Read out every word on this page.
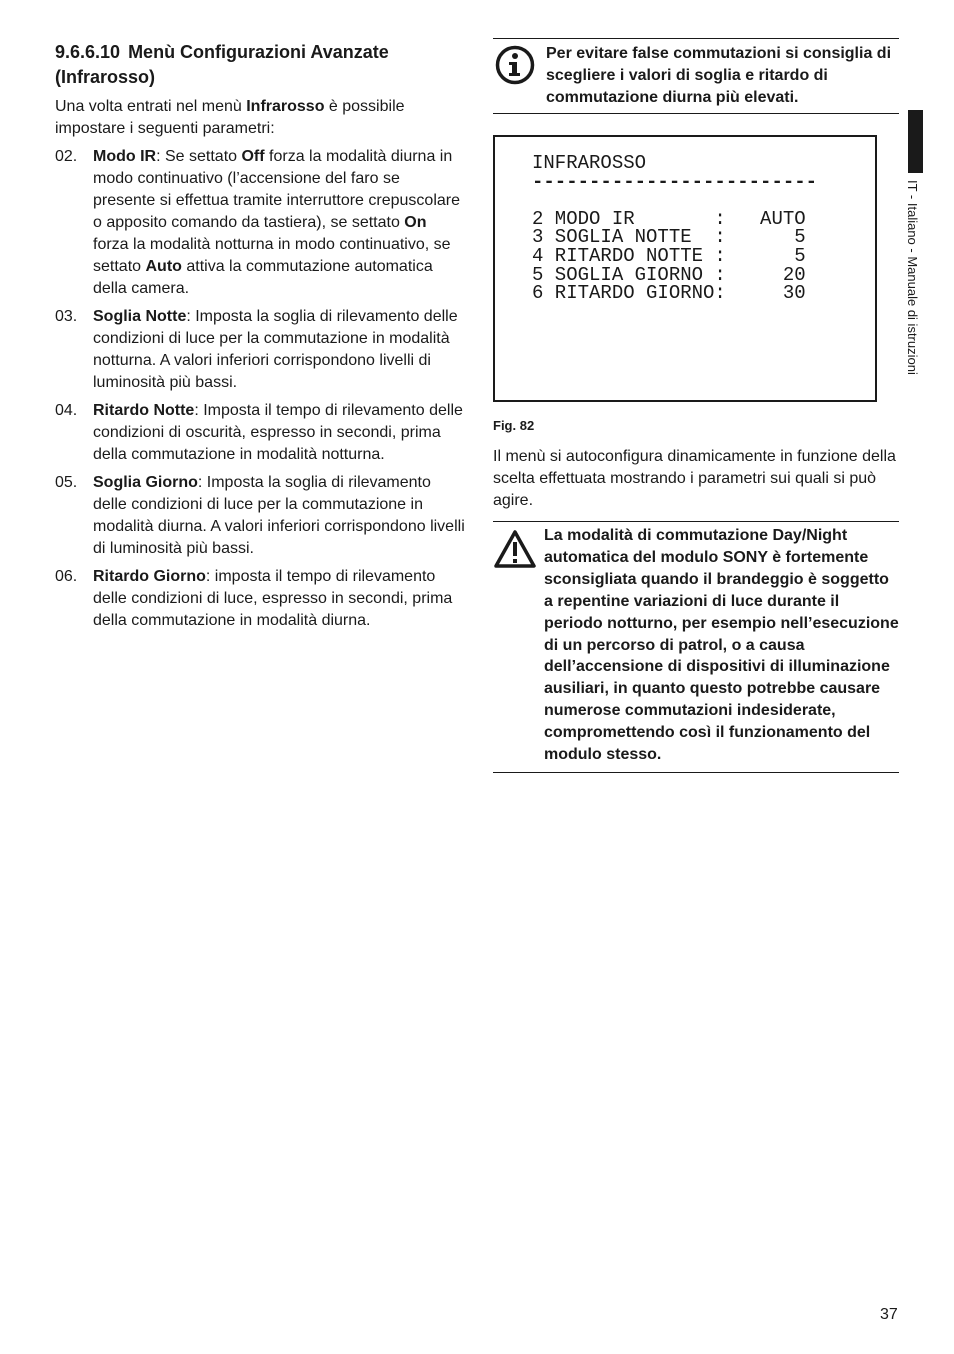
9.6.6.10 Menù Configurazioni Avanzate
(Infrarosso)

Una volta entrati nel menù Infrarosso è possibile impostare i seguenti parametri:

02. Modo IR: Se settato Off forza la modalità diurna in modo continuativo (l’accensione del faro se presente si effettua tramite interruttore crepuscolare o apposito comando da tastiera), se settato On forza la modalità notturna in modo continuativo, se settato Auto attiva la commutazione automatica della camera.
03. Soglia Notte: Imposta la soglia di rilevamento delle condizioni di luce per la commutazione in modalità notturna. A valori inferiori corrispondono livelli di luminosità più bassi.
04. Ritardo Notte: Imposta il tempo di rilevamento delle condizioni di oscurità, espresso in secondi, prima della commutazione in modalità notturna.
05. Soglia Giorno: Imposta la soglia di rilevamento delle condizioni di luce per la commutazione in modalità diurna. A valori inferiori corrispondono livelli di luminosità più bassi.
06. Ritardo Giorno: imposta il tempo di rilevamento delle condizioni di luce, espresso in secondi, prima della commutazione in modalità diurna.
Per evitare false commutazioni si consiglia di scegliere i valori di soglia e ritardo di commutazione diurna più elevati.
INFRAROSSO
-------------------------
2 MODO IR       :   AUTO
3 SOGLIA NOTTE  :      5
4 RITARDO NOTTE :      5
5 SOGLIA GIORNO :     20
6 RITARDO GIORNO:     30
Fig. 82

Il menù si autoconfigura dinamicamente in funzione della scelta effettuata mostrando i parametri sui quali si può agire.

La modalità di commutazione Day/Night automatica del modulo SONY è fortemente sconsigliata quando il brandeggio è soggetto a repentine variazioni di luce durante il periodo notturno, per esempio nell’esecuzione di un percorso di patrol, o a causa dell’accensione di dispositivi di illuminazione ausiliari, in quanto questo potrebbe causare numerose commutazioni indesiderate, compromettendo così il funzionamento del modulo stesso.
IT - Italiano - Manuale di istruzioni
37
